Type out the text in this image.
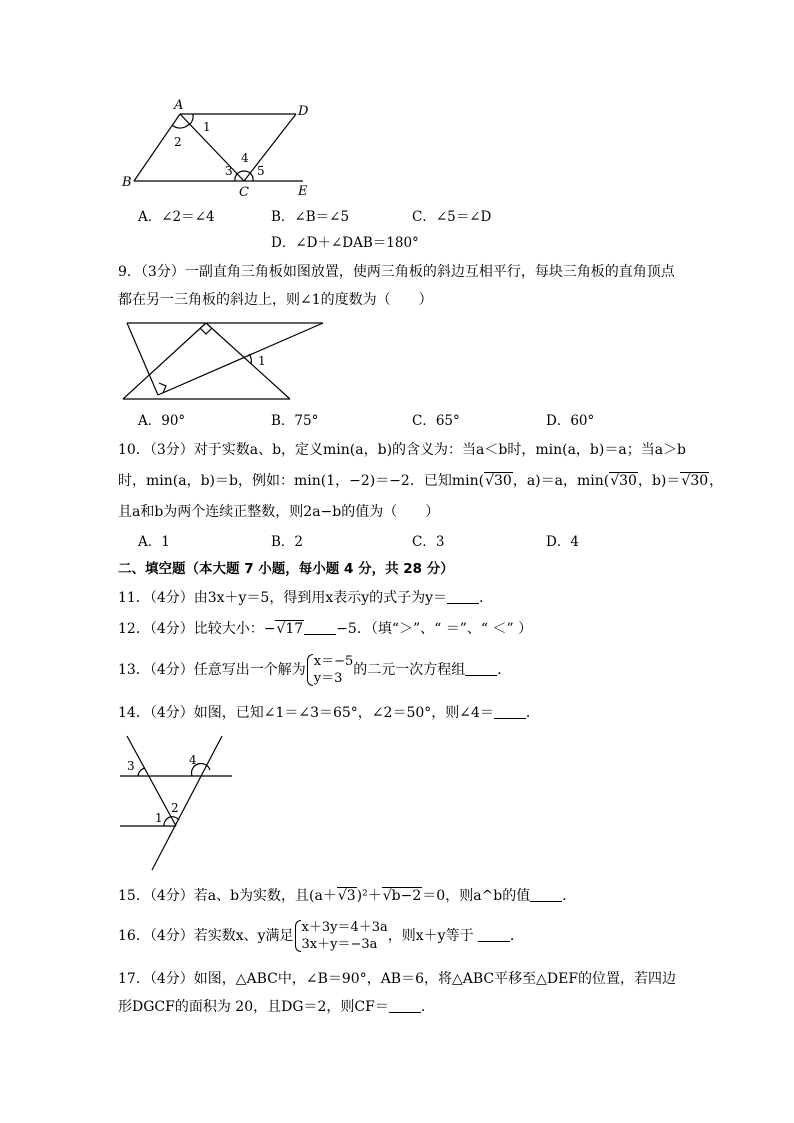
A
B
C
D
E
1
2
3
4
5
A．∠2＝∠4	B．∠B＝∠5	C．∠5＝∠D
D．∠D＋∠DAB＝180°
9．（3分）一副直角三角板如图放置，使两三角板的斜边互相平行，每块三角板的直角顶点
都在另一三角板的斜边上，则∠1的度数为（　　）
1
A．90°	B．75°	C．65°	D．60°
10．（3分）对于实数a、b，定义min(a，b)的含义为：当a＜b时，min(a，b)＝a；当a＞b
时，min(a，b)＝b，例如：min(1，−2)＝−2．已知min(√30，a)＝a，min(√30，b)＝√30，
且a和b为两个连续正整数，则2a−b的值为（　　）
A．1	B．2	C．3	D．4
二、填空题（本大题 7 小题，每小题 4 分，共 28 分）
11．（4分）由3x＋y＝5，得到用x表示y的式子为y＝ ．
12．（4分）比较大小：−√17 −5．（填“＞”、“ ＝”、“ ＜” ）
13．（4分）任意写出一个解为
x＝−5
y＝3
的二元一次方程组 ．
14．（4分）如图，已知∠1＝∠3＝65°，∠2＝50°，则∠4＝ ．
3	4
1
2
15．（4分）若a、b为实数，且(a＋√3)²＋√b−2＝0，则a^b的值 ．
16．（4分）若实数x、y满足
x＋3y＝4＋3a
3x＋y＝−3a
，则x＋y等于 ．
17．（4分）如图，△ABC中，∠B＝90°，AB＝6，将△ABC平移至△DEF的位置，若四边
形DGCF的面积为 20，且DG＝2，则CF＝ ．
